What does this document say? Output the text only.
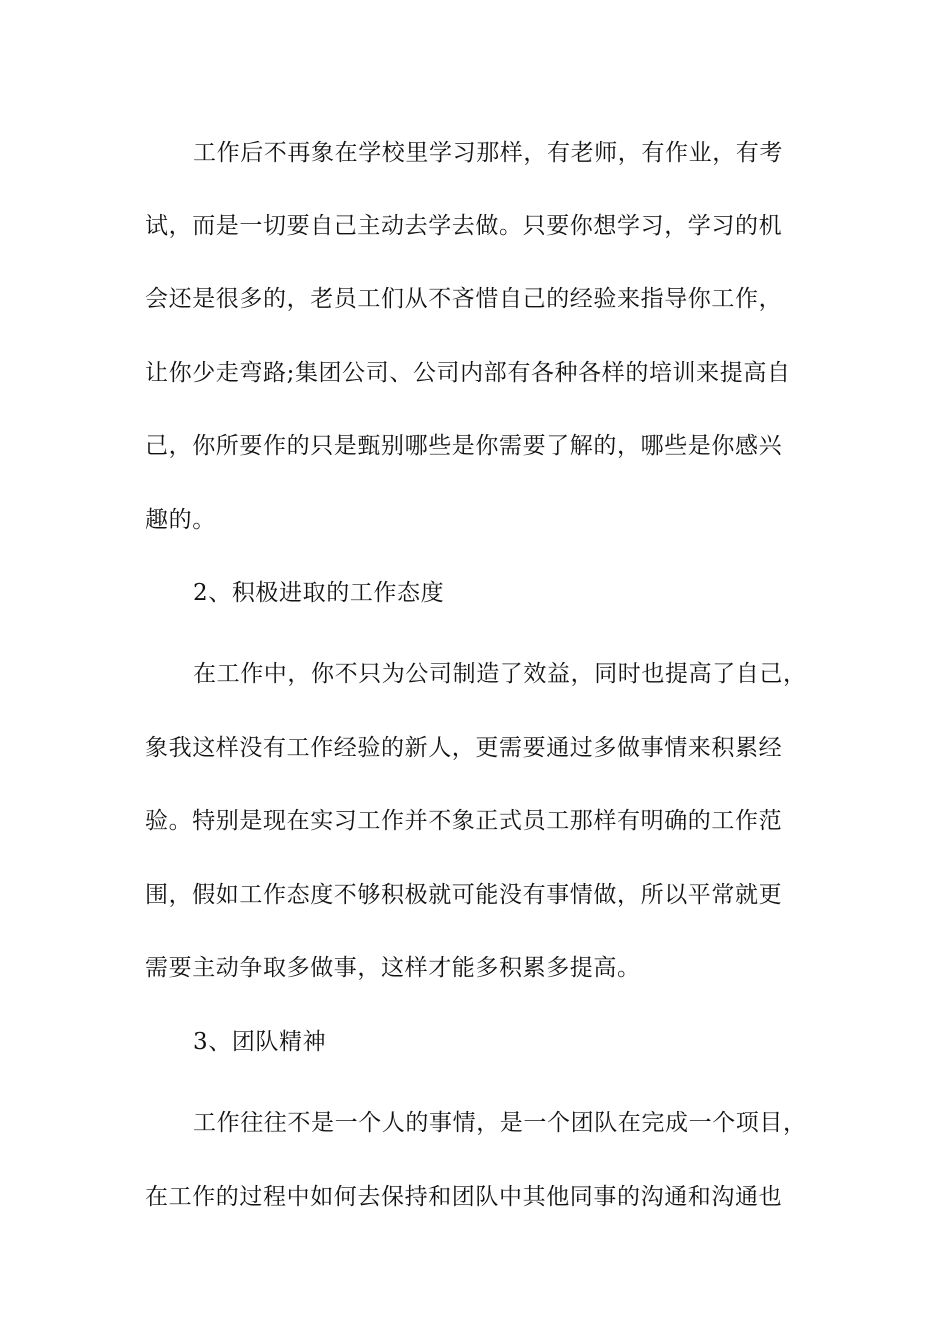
工作后不再象在学校里学习那样，有老师，有作业，有考
试，而是一切要自己主动去学去做。只要你想学习，学习的机
会还是很多的，老员工们从不吝惜自己的经验来指导你工作，
让你少走弯路;集团公司、公司内部有各种各样的培训来提高自
己，你所要作的只是甄别哪些是你需要了解的，哪些是你感兴
趣的。
2、积极进取的工作态度
在工作中，你不只为公司制造了效益，同时也提高了自己，
象我这样没有工作经验的新人，更需要通过多做事情来积累经
验。特别是现在实习工作并不象正式员工那样有明确的工作范
围，假如工作态度不够积极就可能没有事情做，所以平常就更
需要主动争取多做事，这样才能多积累多提高。
3、团队精神
工作往往不是一个人的事情，是一个团队在完成一个项目，
在工作的过程中如何去保持和团队中其他同事的沟通和沟通也
